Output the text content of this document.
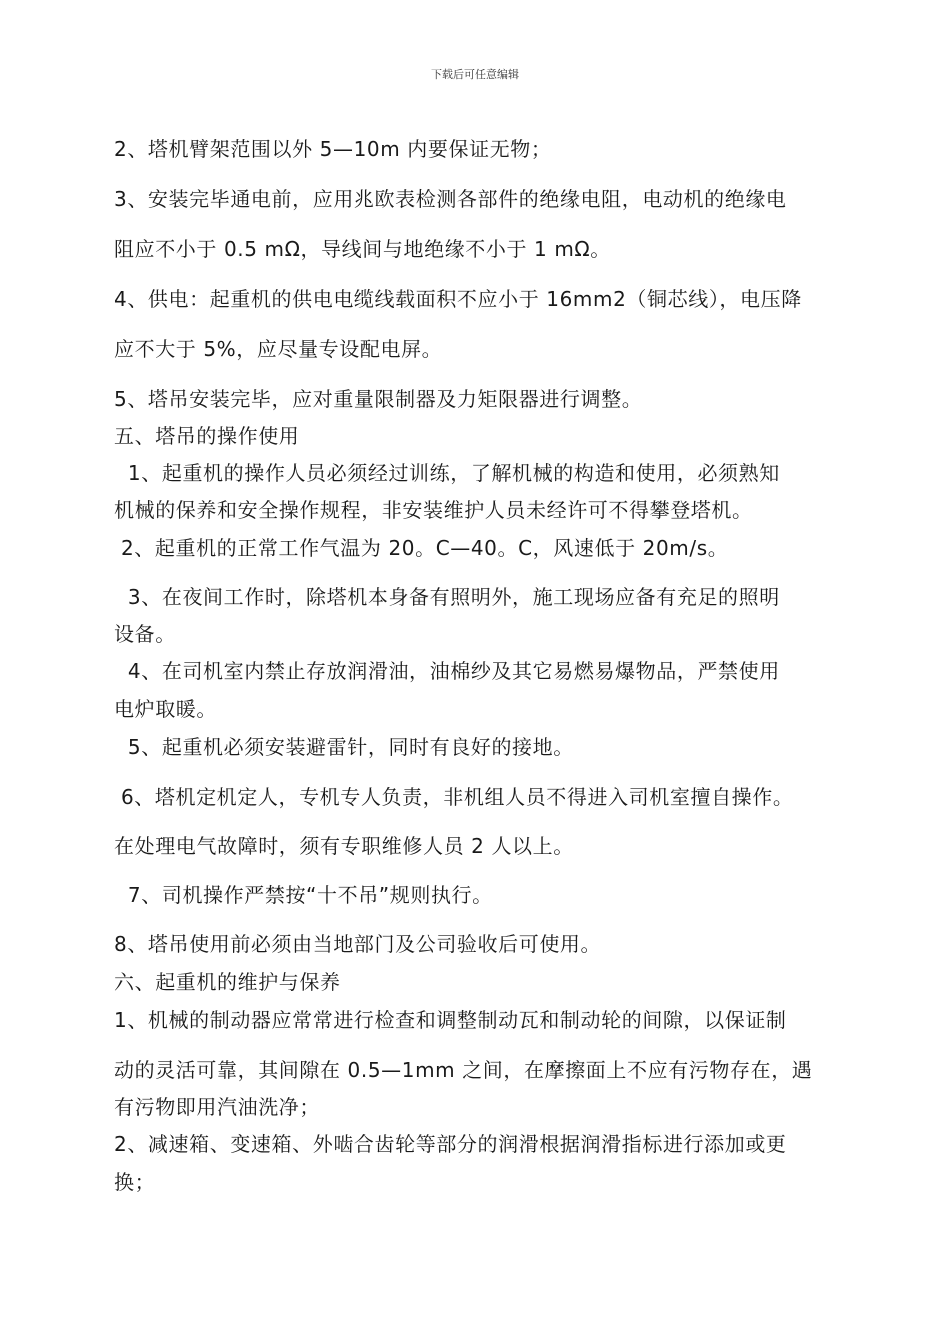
下载后可任意编辑
2、塔机臂架范围以外 5—10m 内要保证无物；
3、安装完毕通电前，应用兆欧表检测各部件的绝缘电阻，电动机的绝缘电
阻应不小于 0.5 mΩ，导线间与地绝缘不小于 1 mΩ。
4、供电：起重机的供电电缆线载面积不应小于 16mm2（铜芯线），电压降
应不大于 5%，应尽量专设配电屏。
5、塔吊安装完毕，应对重量限制器及力矩限器进行调整。
五、塔吊的操作使用
1、起重机的操作人员必须经过训练，了解机械的构造和使用，必须熟知
机械的保养和安全操作规程，非安装维护人员未经许可不得攀登塔机。
2、起重机的正常工作气温为 20。C—40。C，风速低于 20m/s。
3、在夜间工作时，除塔机本身备有照明外，施工现场应备有充足的照明
设备。
4、在司机室内禁止存放润滑油，油棉纱及其它易燃易爆物品，严禁使用
电炉取暖。
5、起重机必须安装避雷针，同时有良好的接地。
6、塔机定机定人，专机专人负责，非机组人员不得进入司机室擅自操作。
在处理电气故障时，须有专职维修人员 2 人以上。
7、司机操作严禁按“十不吊”规则执行。
8、塔吊使用前必须由当地部门及公司验收后可使用。
六、起重机的维护与保养
1、机械的制动器应常常进行检查和调整制动瓦和制动轮的间隙，以保证制
动的灵活可靠，其间隙在 0.5—1mm 之间，在摩擦面上不应有污物存在，遇
有污物即用汽油洗净；
2、减速箱、变速箱、外啮合齿轮等部分的润滑根据润滑指标进行添加或更
换；
